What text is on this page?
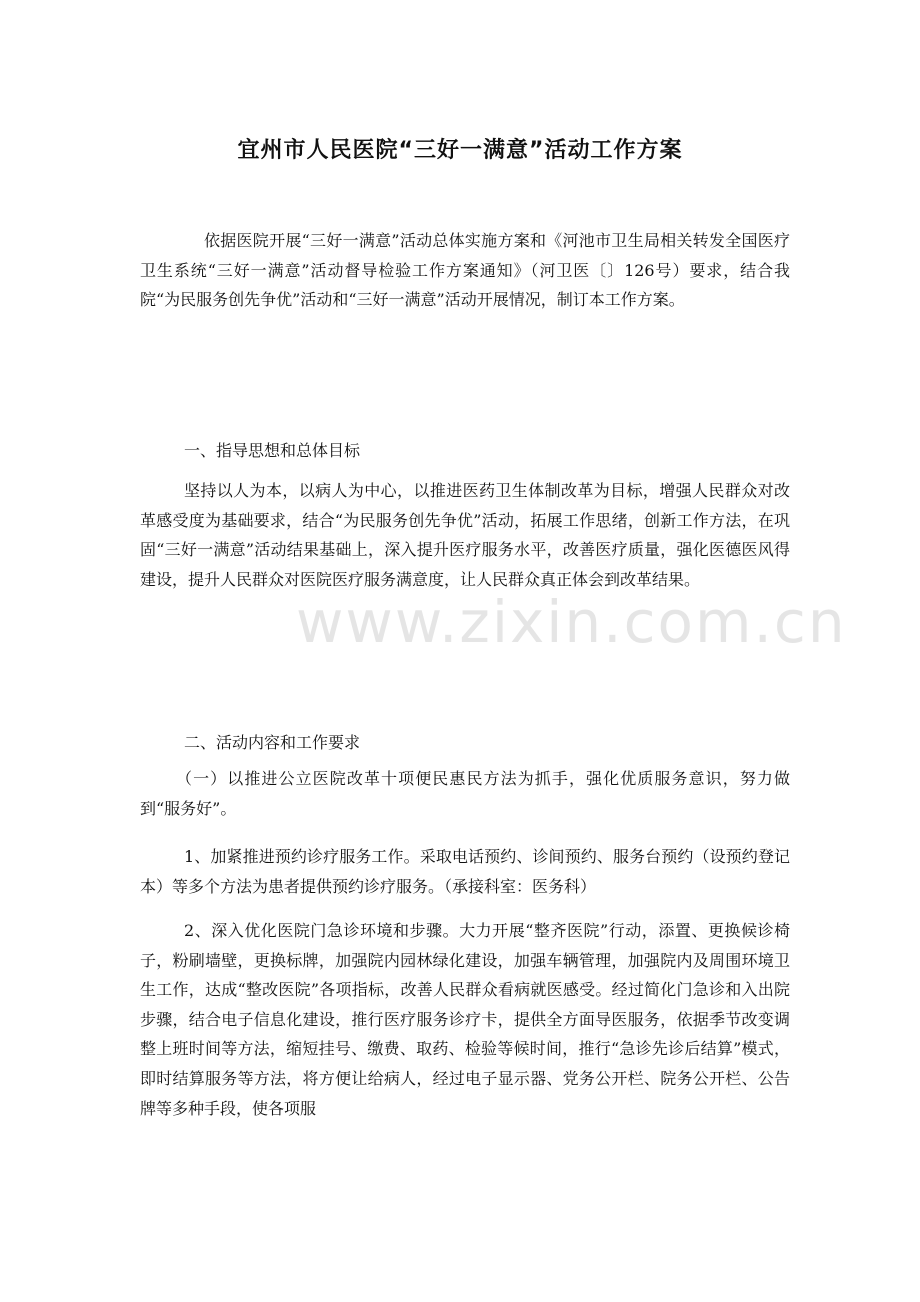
宜州市人民医院“三好一满意”活动工作方案

依据医院开展“三好一满意”活动总体实施方案和《河池市卫生局相关转发全国医疗卫生系统“三好一满意”活动督导检验工作方案通知》（河卫医〔〕126号）要求，结合我院“为民服务创先争优”活动和“三好一满意”活动开展情况，制订本工作方案。

一、指导思想和总体目标

坚持以人为本，以病人为中心，以推进医药卫生体制改革为目标，增强人民群众对改革感受度为基础要求，结合“为民服务创先争优”活动，拓展工作思绪，创新工作方法，在巩固“三好一满意”活动结果基础上，深入提升医疗服务水平，改善医疗质量，强化医德医风得建设，提升人民群众对医院医疗服务满意度，让人民群众真正体会到改革结果。

二、活动内容和工作要求

（一）以推进公立医院改革十项便民惠民方法为抓手，强化优质服务意识，努力做到“服务好”。

1、加紧推进预约诊疗服务工作。采取电话预约、诊间预约、服务台预约（设预约登记本）等多个方法为患者提供预约诊疗服务。（承接科室：医务科）

2、深入优化医院门急诊环境和步骤。大力开展“整齐医院”行动，添置、更换候诊椅子，粉刷墙壁，更换标牌，加强院内园林绿化建设，加强车辆管理，加强院内及周围环境卫生工作，达成“整改医院”各项指标，改善人民群众看病就医感受。经过简化门急诊和入出院步骤，结合电子信息化建设，推行医疗服务诊疗卡，提供全方面导医服务，依据季节改变调整上班时间等方法，缩短挂号、缴费、取药、检验等候时间，推行“急诊先诊后结算”模式，即时结算服务等方法，将方便让给病人，经过电子显示器、党务公开栏、院务公开栏、公告牌等多种手段，使各项服

www.zixin.com.cn
